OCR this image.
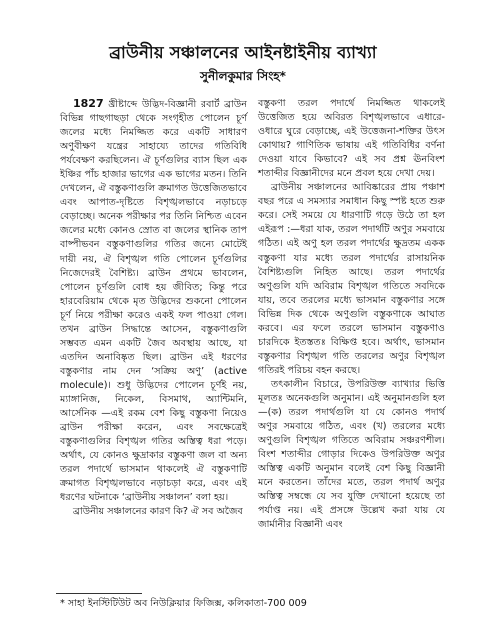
ব্রাউনীয় সঞ্চালনের আইনষ্টাইনীয় ব্যাখ্যা
সুনীলকুমার সিংহ*

1827 খ্রীষ্টাব্দে উদ্ভিদ-বিজ্ঞানী রবার্ট ব্রাউন বিভিন্ন গাছগাছড়া থেকে সংগৃহীত পোলেন চূর্ণ জলের মধ্যে নিমজ্জিত করে একটি সাধারণ অণুবীক্ষণ যন্ত্রের সাহায্যে তাদের গতিবিধি পর্যবেক্ষণ করছিলেন। ঐ চূর্ণগুলির ব্যাস ছিল এক ইঞ্চির পাঁচ হাজার ভাগের এক ভাগের মতন। তিনি দেখলেন, ঐ বস্তুকণাগুলি ক্রমাগত উত্তেজিতভাবে এবং আপাত-দৃষ্টিতে বিশৃঙ্খলভাবে নড়াচড়ে বেড়াচ্ছে। অনেক পরীক্ষার পর তিনি নিশ্চিত এবেন জলের মধ্যে কোনও স্রোত বা জলের স্থানিক তাপ বাষ্পীভবন বস্তুকণাগুলির গতির জন্যে মোটেই দায়ী নয়, ঐ বিশৃঙ্খল গতি পোলেন চূর্ণগুলির নিজেদেরই বৈশিষ্ট্য। ব্রাউন প্রথমে ভাবলেন, পোলেন চূর্ণগুলি বোধ হয় জীবিত; কিন্তু পরে হারবেরিয়াম থেকে মৃত উদ্ভিদের শুকনো পোলেন চূর্ণ নিয়ে পরীক্ষা করেও একই ফল পাওয়া গেল। তখন ব্রাউন সিদ্ধান্তে আসেন, বস্তুকণাগুলি সম্ভবত এমন একটি জৈব অবস্থায় আছে, যা এতদিন অনাবিষ্কৃত ছিল। ব্রাউন এই ধরণের বস্তুকণার নাম দেন ‘সক্রিয় অণু’ (active molecule)। শুধু উদ্ভিদের পোলেন চূর্ণই নয়, ম্যাঙ্গানিজ, নিকেল, বিসমাথ, অ্যান্টিমনি, আর্সেনিক —এই রকম বেশ কিছু বস্তুকণা নিয়েও ব্রাউন পরীক্ষা করেন, এবং সবক্ষেত্রেই বস্তুকণাগুলির বিশৃঙ্খল গতির অস্তিত্ব ধরা পড়ে। অর্থাৎ, যে কোনও ক্ষুদ্রাকার বস্তুকণা জল বা অন্য তরল পদার্থে ভাসমান থাকলেই ঐ বস্তুকণাটি ক্রমাগত বিশৃঙ্খলভাবে নড়াচড়া করে, এবং এই ধরণের ঘটনাকে ‘ব্রাউনীয় সঞ্চালন’ বলা হয়।

ব্রাউনীয় সঞ্চালনের কারণ কি? ঐ সব অজৈব

বস্তুকণা তরল পদার্থে নিমজ্জিত থাকলেই উত্তেজিত হয়ে অবিরত বিশৃঙ্খলভাবে এধারে-ওধারে ঘুরে বেড়াচ্ছে, এই উত্তেজনা-শক্তির উৎস কোথায়? গাণিতিক ভাষায় এই গতিবিধির বর্ণনা দেওয়া যাবে কিভাবে? এই সব প্রশ্ন ঊনবিংশ শতাব্দীর বিজ্ঞানীদের মনে প্রবল হয়ে দেখা দেয়।

ব্রাউনীয় সঞ্চালনের আবিষ্কারের প্রায় পঞ্চাশ বছর পরে এ সমস্যার সমাধান কিছু স্পষ্ট হতে শুরু করে। সেই সময়ে যে ধারণাটি গড়ে উঠে তা হল এইরূপ :—ধরা যাক, তরল পদার্থটি অণুর সমবায়ে গঠিত। এই অণু হল তরল পদার্থের ক্ষুদ্রতম একক বস্তুকণা যার মধ্যে তরল পদার্থের রাসায়নিক বৈশিষ্ট্যগুলি নিহিত আছে। তরল পদার্থের অণুগুলি যদি অবিরাম বিশৃঙ্খল গতিতে সবদিকে যায়, তবে তরলের মধ্যে ভাসমান বস্তুকণার সঙ্গে বিভিন্ন দিক থেকে অণুগুলি বস্তুকণাকে আঘাত করবে। এর ফলে তরলে ভাসমান বস্তুকণাও চারদিকে ইতস্ততঃ বিক্ষিপ্ত হবে। অর্থাৎ, ভাসমান বস্তুকণার বিশৃঙ্খল গতি তরলের অণুর বিশৃঙ্খল গতিরই পরিচয় বহন করছে।

তৎকালীন বিচারে, উপরিউক্ত ব্যাখ্যার ভিত্তি মূলতঃ অনেকগুলি অনুমান। এই অনুমানগুলি হল—(ক) তরল পদার্থগুলি যা যে কোনও পদার্থ অণুর সমবায়ে গঠিত, এবং (খ) তরলের মধ্যে অণুগুলি বিশৃঙ্খল গতিতে অবিরাম সঞ্চরণশীল। বিংশ শতাব্দীর গোড়ার দিকেও উপরিউক্ত অণুর অস্তিত্ব একটি অনুমান বলেই বেশ কিছু বিজ্ঞানী মনে করতেন। তাঁদের মতে, তরল পদার্থ অণুর অস্তিত্ব সম্বন্ধে যে সব যুক্তি দেখানো হয়েছে তা পর্যাপ্ত নয়। এই প্রসঙ্গে উল্লেখ করা যায় যে জার্মানীর বিজ্ঞানী এবং

* সাহা ইনস্টিটিউট অব নিউক্লিয়ার ফিজিক্স, কলিকাতা-700 009
